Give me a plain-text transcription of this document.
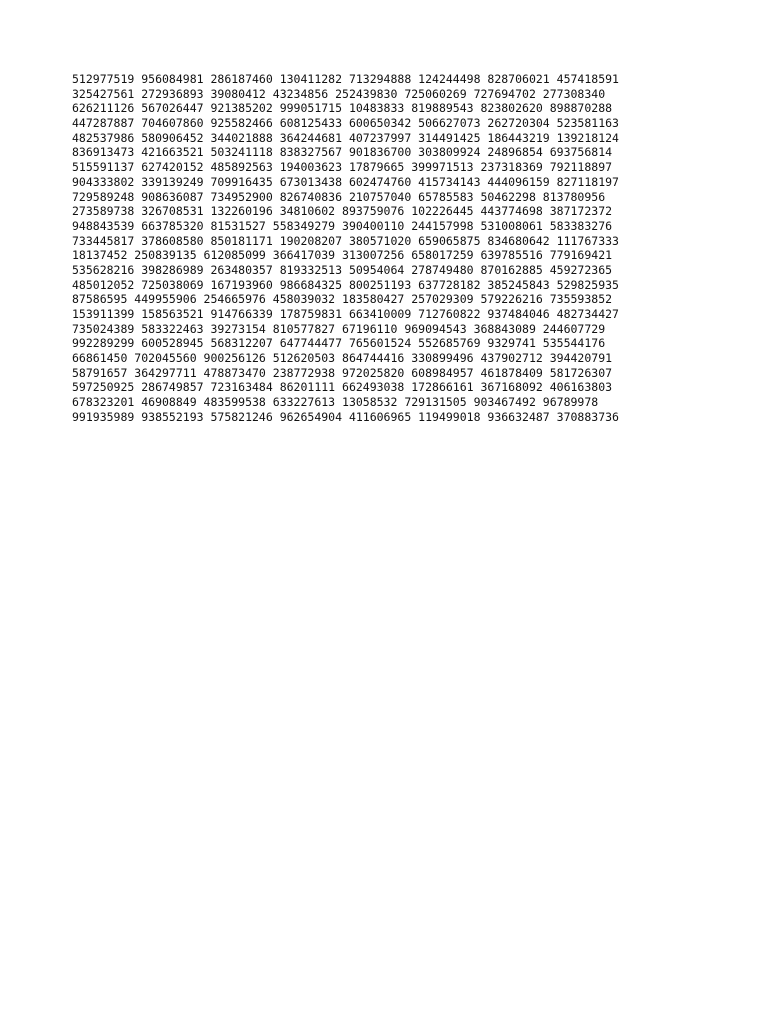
512977519 956084981 286187460 130411282 713294888 124244498 828706021 457418591
325427561 272936893 39080412 43234856 252439830 725060269 727694702 277308340
626211126 567026447 921385202 999051715 10483833 819889543 823802620 898870288
447287887 704607860 925582466 608125433 600650342 506627073 262720304 523581163
482537986 580906452 344021888 364244681 407237997 314491425 186443219 139218124
836913473 421663521 503241118 838327567 901836700 303809924 24896854 693756814
515591137 627420152 485892563 194003623 17879665 399971513 237318369 792118897
904333802 339139249 709916435 673013438 602474760 415734143 444096159 827118197
729589248 908636087 734952900 826740836 210757040 65785583 50462298 813780956
273589738 326708531 132260196 34810602 893759076 102226445 443774698 387172372
948843539 663785320 81531527 558349279 390400110 244157998 531008061 583383276
733445817 378608580 850181171 190208207 380571020 659065875 834680642 111767333
18137452 250839135 612085099 366417039 313007256 658017259 639785516 779169421
535628216 398286989 263480357 819332513 50954064 278749480 870162885 459272365
485012052 725038069 167193960 986684325 800251193 637728182 385245843 529825935
87586595 449955906 254665976 458039032 183580427 257029309 579226216 735593852
153911399 158563521 914766339 178759831 663410009 712760822 937484046 482734427
735024389 583322463 39273154 810577827 67196110 969094543 368843089 244607729
992289299 600528945 568312207 647744477 765601524 552685769 9329741 535544176
66861450 702045560 900256126 512620503 864744416 330899496 437902712 394420791
58791657 364297711 478873470 238772938 972025820 608984957 461878409 581726307
597250925 286749857 723163484 86201111 662493038 172866161 367168092 406163803
678323201 46908849 483599538 633227613 13058532 729131505 903467492 96789978
991935989 938552193 575821246 962654904 411606965 119499018 936632487 370883736
